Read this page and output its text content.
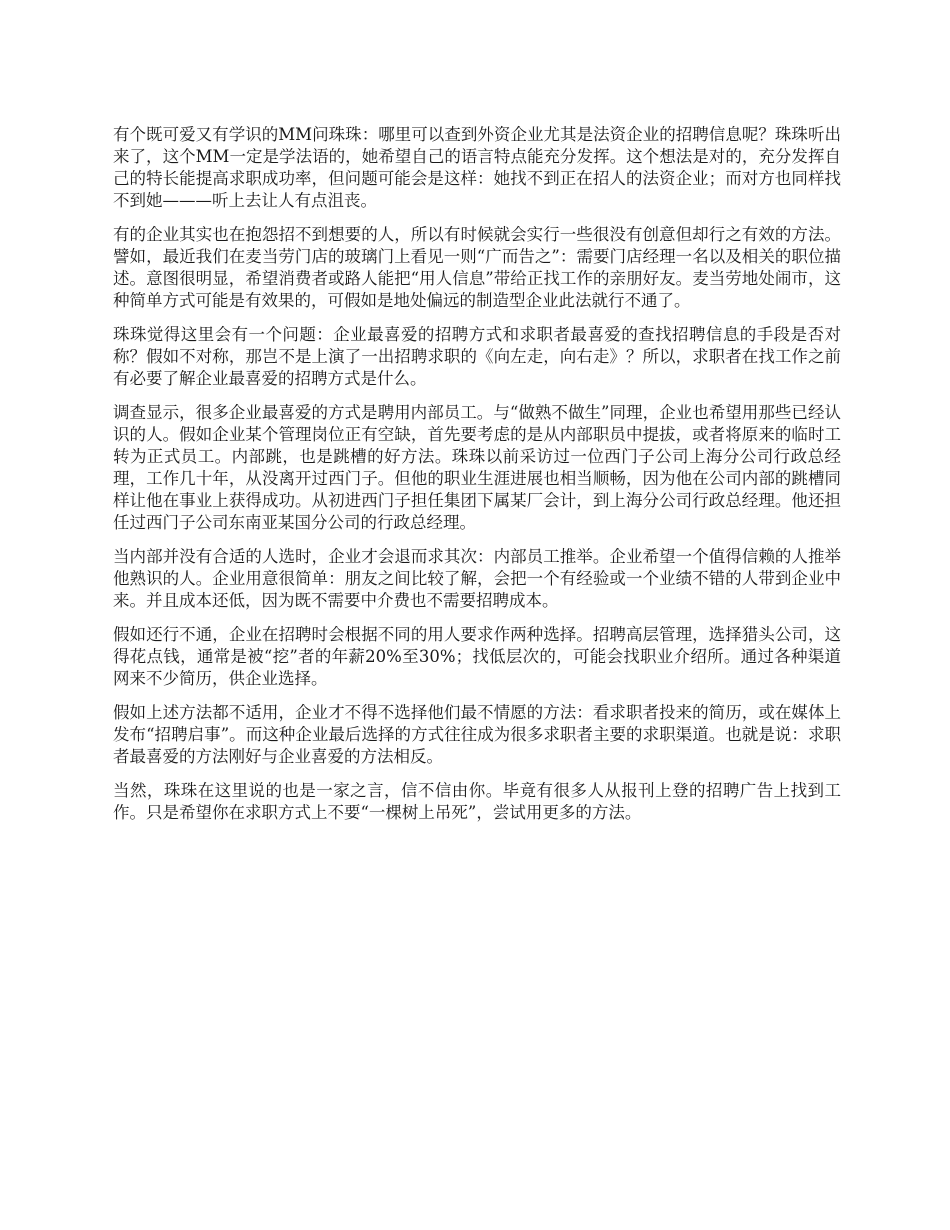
有个既可爱又有学识的MM问珠珠：哪里可以查到外资企业尤其是法资企业的招聘信息呢？珠珠听出来了，这个MM一定是学法语的，她希望自己的语言特点能充分发挥。这个想法是对的，充分发挥自己的特长能提高求职成功率，但问题可能会是这样：她找不到正在招人的法资企业；而对方也同样找不到她———听上去让人有点沮丧。

有的企业其实也在抱怨招不到想要的人，所以有时候就会实行一些很没有创意但却行之有效的方法。譬如，最近我们在麦当劳门店的玻璃门上看见一则“广而告之”：需要门店经理一名以及相关的职位描述。意图很明显，希望消费者或路人能把“用人信息”带给正找工作的亲朋好友。麦当劳地处闹市，这种简单方式可能是有效果的，可假如是地处偏远的制造型企业此法就行不通了。

珠珠觉得这里会有一个问题：企业最喜爱的招聘方式和求职者最喜爱的查找招聘信息的手段是否对称？假如不对称，那岂不是上演了一出招聘求职的《向左走，向右走》？所以，求职者在找工作之前有必要了解企业最喜爱的招聘方式是什么。

调查显示，很多企业最喜爱的方式是聘用内部员工。与“做熟不做生”同理，企业也希望用那些已经认识的人。假如企业某个管理岗位正有空缺，首先要考虑的是从内部职员中提拔，或者将原来的临时工转为正式员工。内部跳，也是跳槽的好方法。珠珠以前采访过一位西门子公司上海分公司行政总经理，工作几十年，从没离开过西门子。但他的职业生涯进展也相当顺畅，因为他在公司内部的跳槽同样让他在事业上获得成功。从初进西门子担任集团下属某厂会计，到上海分公司行政总经理。他还担任过西门子公司东南亚某国分公司的行政总经理。

当内部并没有合适的人选时，企业才会退而求其次：内部员工推举。企业希望一个值得信赖的人推举他熟识的人。企业用意很简单：朋友之间比较了解，会把一个有经验或一个业绩不错的人带到企业中来。并且成本还低，因为既不需要中介费也不需要招聘成本。

假如还行不通，企业在招聘时会根据不同的用人要求作两种选择。招聘高层管理，选择猎头公司，这得花点钱，通常是被“挖”者的年薪20%至30%；找低层次的，可能会找职业介绍所。通过各种渠道网来不少简历，供企业选择。

假如上述方法都不适用，企业才不得不选择他们最不情愿的方法：看求职者投来的简历，或在媒体上发布“招聘启事”。而这种企业最后选择的方式往往成为很多求职者主要的求职渠道。也就是说：求职者最喜爱的方法刚好与企业喜爱的方法相反。

当然，珠珠在这里说的也是一家之言，信不信由你。毕竟有很多人从报刊上登的招聘广告上找到工作。只是希望你在求职方式上不要“一棵树上吊死”，尝试用更多的方法。
